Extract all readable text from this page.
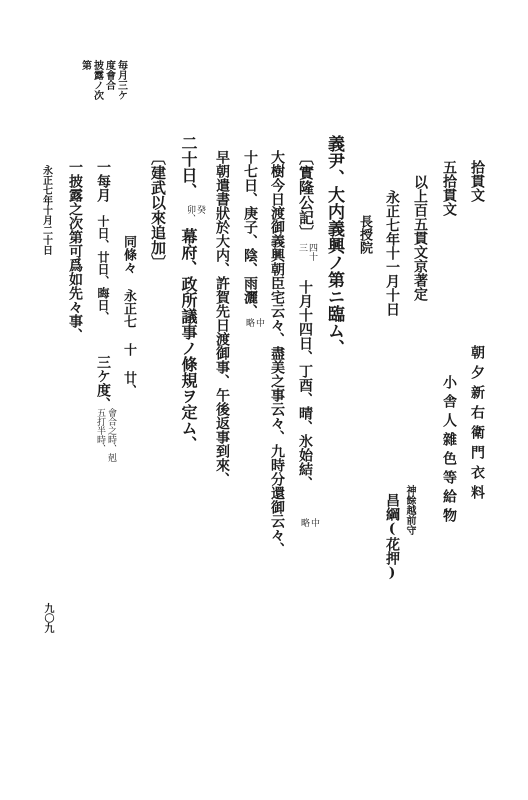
毎月三ケ
度會合
披露ノ次
第
拾貫文
朝夕新右衛門衣料
五拾貫文
小舎人雜色等給物
以上百五貫文京著定
永正七年十一月十日
神餘越前守
昌綱(花押)
長授院
義尹、大内義興ノ第ニ臨ム、
〔實隆公記〕
四十
三
十月十四日、丁酉、晴、氷始結、
中
略
大樹今日渡御義興朝臣宅云々、盡美之事云々、九時分還御云々、
十七日、庚子、陰、雨灑、
中
略
早朝遣書狀於大内、許賀先日渡御事、午後返事到來、
二十日、
癸
卯、
幕府、政所議事ノ條規ヲ定ム、
〔建武以來追加〕
同條々 永正七 十 廿、
一每月
十日、廿日、晦日、
三ケ度、
會合之時、剋
五打半時、
一披露之次第可爲如先々事、
永正七年十月二十日
九〇九
